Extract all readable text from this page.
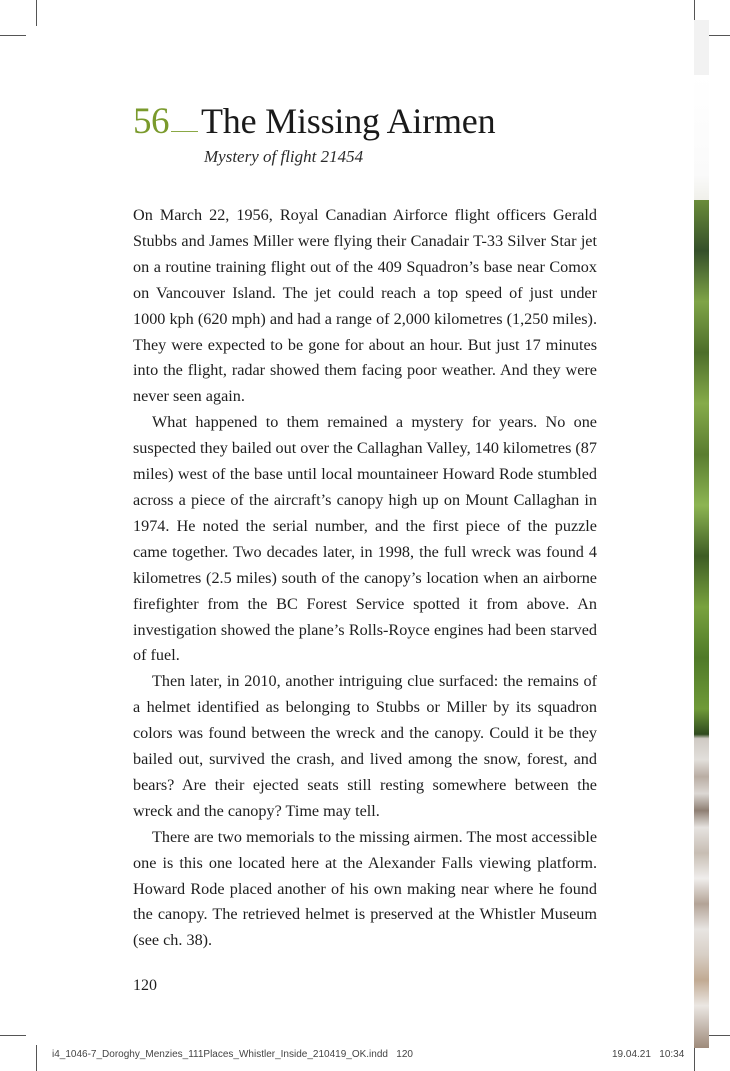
56 The Missing Airmen
Mystery of flight 21454

On March 22, 1956, Royal Canadian Airforce flight officers Gerald Stubbs and James Miller were flying their Canadair T-33 Silver Star jet on a routine training flight out of the 409 Squadron’s base near Comox on Vancouver Island. The jet could reach a top speed of just under 1000 kph (620 mph) and had a range of 2,000 kilometres (1,250 miles). They were expected to be gone for about an hour. But just 17 minutes into the flight, radar showed them facing poor weather. And they were never seen again.

What happened to them remained a mystery for years. No one suspected they bailed out over the Callaghan Valley, 140 kilometres (87 miles) west of the base until local mountaineer Howard Rode stumbled across a piece of the aircraft’s canopy high up on Mount Callaghan in 1974. He noted the serial number, and the first piece of the puzzle came together. Two decades later, in 1998, the full wreck was found 4 kilometres (2.5 miles) south of the canopy’s location when an airborne firefighter from the BC Forest Service spotted it from above. An investigation showed the plane’s Rolls-Royce engines had been starved of fuel.

Then later, in 2010, another intriguing clue surfaced: the remains of a helmet identified as belonging to Stubbs or Miller by its squadron colors was found between the wreck and the canopy. Could it be they bailed out, survived the crash, and lived among the snow, forest, and bears? Are their ejected seats still resting somewhere between the wreck and the canopy? Time may tell.

There are two memorials to the missing airmen. The most accessible one is this one located here at the Alexander Falls viewing platform. Howard Rode placed another of his own making near where he found the canopy. The retrieved helmet is preserved at the Whistler Museum (see ch. 38).

120
i4_1046-7_Doroghy_Menzies_111Places_Whistler_Inside_210419_OK.indd   120	19.04.21   10:34
